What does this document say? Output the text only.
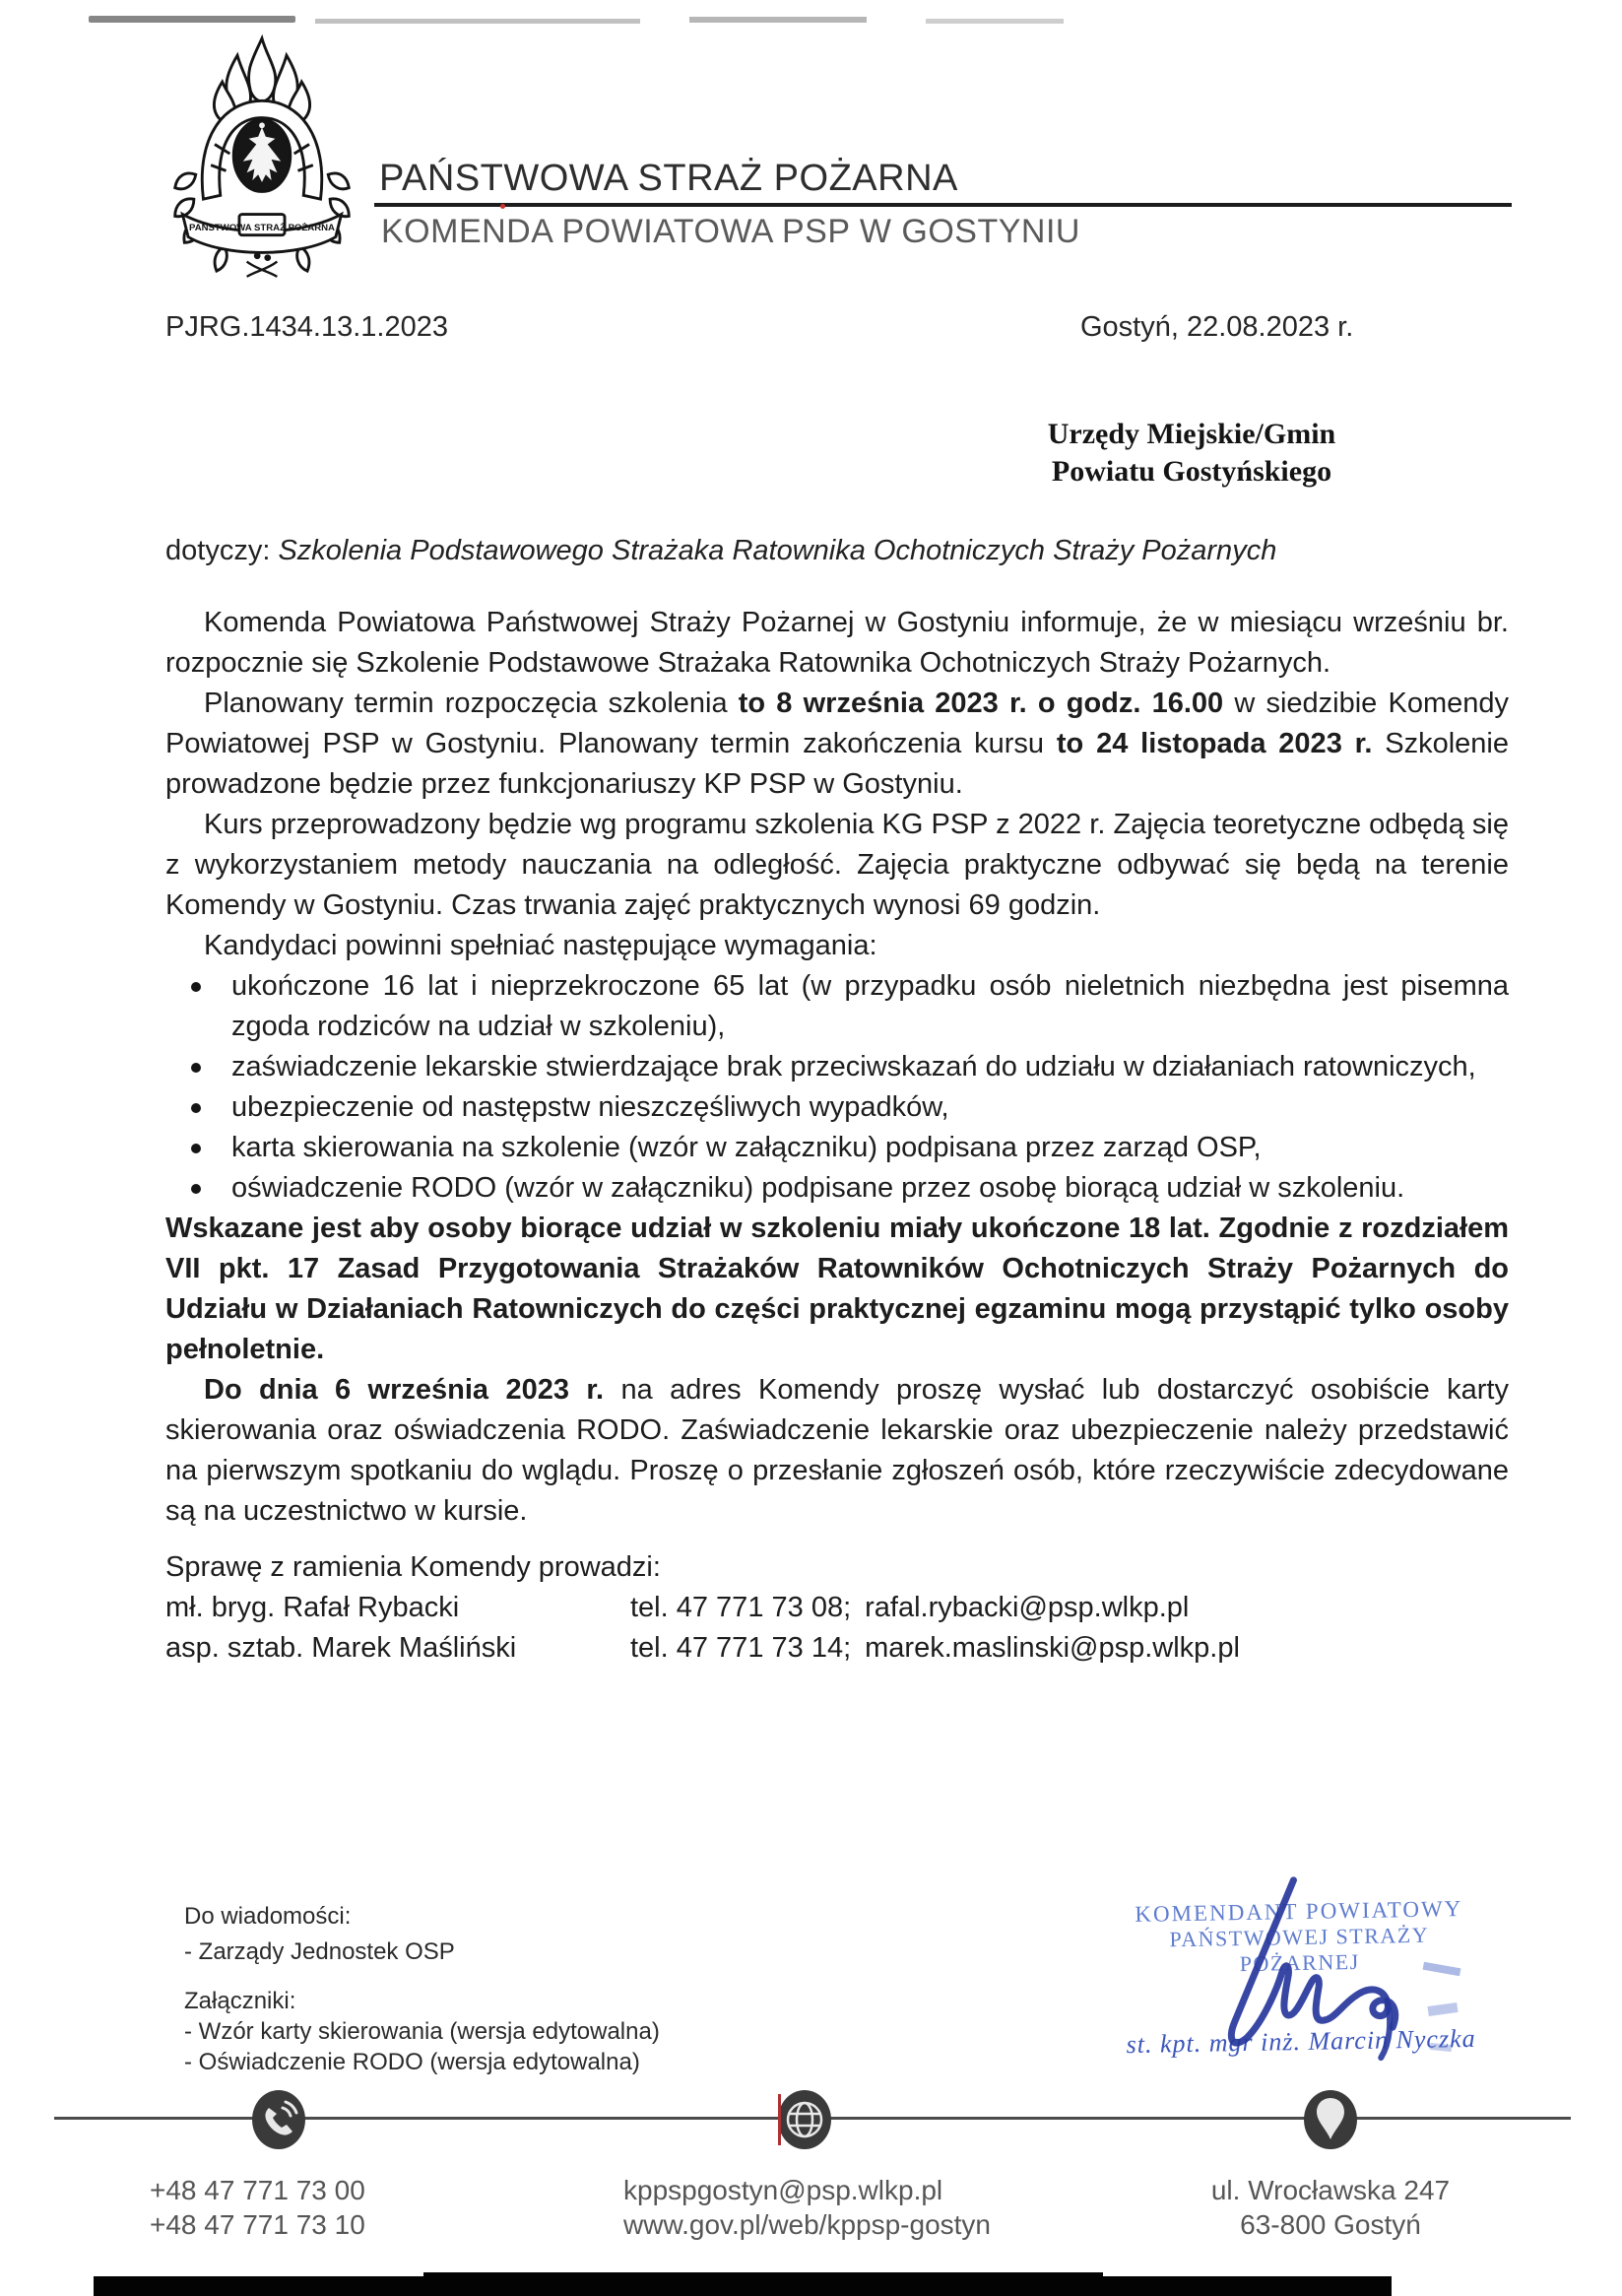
PAŃSTWOWA STRAŻ POŻARNA
PAŃSTWOWA STRAŻ POŻARNA
KOMENDA POWIATOWA PSP W GOSTYNIU
PJRG.1434.13.1.2023	Gostyń, 22.08.2023 r.
Urzędy Miejskie/Gmin
Powiatu Gostyńskiego
dotyczy: Szkolenia Podstawowego Strażaka Ratownika Ochotniczych Straży Pożarnych

Komenda Powiatowa Państwowej Straży Pożarnej w Gostyniu informuje, że w miesiącu wrześniu br. rozpocznie się Szkolenie Podstawowe Strażaka Ratownika Ochotniczych Straży Pożarnych.

Planowany termin rozpoczęcia szkolenia to 8 września 2023 r. o godz. 16.00 w siedzibie Komendy Powiatowej PSP w Gostyniu. Planowany termin zakończenia kursu to 24 listopada 2023 r. Szkolenie prowadzone będzie przez funkcjonariuszy KP PSP w Gostyniu.

Kurs przeprowadzony będzie wg programu szkolenia KG PSP z 2022 r. Zajęcia teoretyczne odbędą się z wykorzystaniem metody nauczania na odległość. Zajęcia praktyczne odbywać się będą na terenie Komendy w Gostyniu. Czas trwania zajęć praktycznych wynosi 69 godzin.

Kandydaci powinni spełniać następujące wymagania:

ukończone 16 lat i nieprzekroczone 65 lat (w przypadku osób nieletnich niezbędna jest pisemna zgoda rodziców na udział w szkoleniu),
zaświadczenie lekarskie stwierdzające brak przeciwskazań do udziału w działaniach ratowniczych,
ubezpieczenie od następstw nieszczęśliwych wypadków,
karta skierowania na szkolenie (wzór w załączniku) podpisana przez zarząd OSP,
oświadczenie RODO (wzór w załączniku) podpisane przez osobę biorącą udział w szkoleniu.

Wskazane jest aby osoby biorące udział w szkoleniu miały ukończone 18 lat. Zgodnie z rozdziałem VII pkt. 17 Zasad Przygotowania Strażaków Ratowników Ochotniczych Straży Pożarnych do Udziału w Działaniach Ratowniczych do części praktycznej egzaminu mogą przystąpić tylko osoby pełnoletnie.

Do dnia 6 września 2023 r. na adres Komendy proszę wysłać lub dostarczyć osobiście karty skierowania oraz oświadczenia RODO. Zaświadczenie lekarskie oraz ubezpieczenie należy przedstawić na pierwszym spotkaniu do wglądu. Proszę o przesłanie zgłoszeń osób, które rzeczywiście zdecydowane są na uczestnictwo w kursie.

Sprawę z ramienia Komendy prowadzi:

mł. bryg. Rafał Rybacki	tel. 47 771 73 08; rafal.rybacki@psp.wlkp.pl
asp. sztab. Marek Maśliński	tel. 47 771 73 14; marek.maslinski@psp.wlkp.pl
Do wiadomości:
- Zarządy Jednostek OSP
Załączniki:
- Wzór karty skierowania (wersja edytowalna)
- Oświadczenie RODO (wersja edytowalna)
KOMENDANT POWIATOWY
PAŃSTWOWEJ STRAŻY POŻARNEJ
st. kpt. mgr inż. Marcin Nyczka
+48 47 771 73 00
+48 47 771 73 10
kppspgostyn@psp.wlkp.pl
www.gov.pl/web/kppsp-gostyn
ul. Wrocławska 247
63-800 Gostyń
